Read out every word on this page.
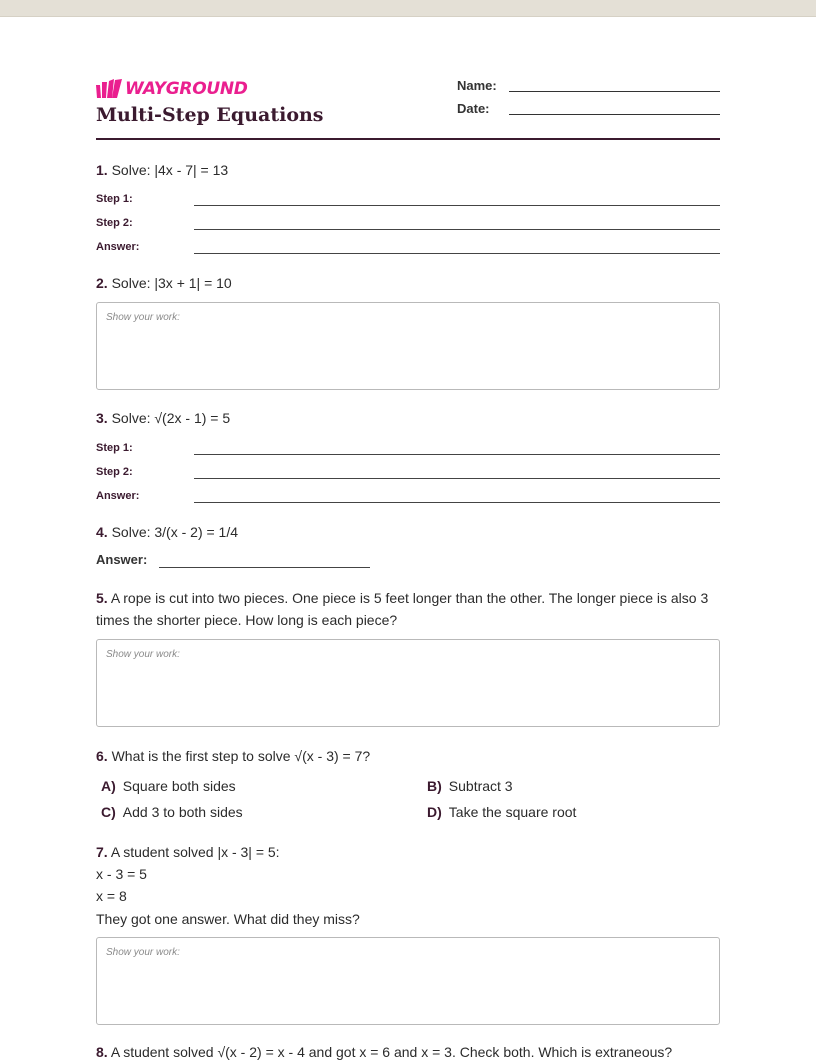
WAYGROUND
Multi-Step Equations
Name:
Date:
1. Solve: |4x - 7| = 13
Step 1:
Step 2:
Answer:
2. Solve: |3x + 1| = 10
Show your work:
3. Solve: √(2x - 1) = 5
Step 1:
Step 2:
Answer:
4. Solve: 3/(x - 2) = 1/4
Answer:
5. A rope is cut into two pieces. One piece is 5 feet longer than the other. The longer piece is also 3 times the shorter piece. How long is each piece?
Show your work:
6. What is the first step to solve √(x - 3) = 7?
A) Square both sides	B) Subtract 3
C) Add 3 to both sides	D) Take the square root
7. A student solved |x - 3| = 5:
x - 3 = 5
x = 8
They got one answer. What did they miss?
Show your work:
8. A student solved √(x - 2) = x - 4 and got x = 6 and x = 3. Check both. Which is extraneous?
